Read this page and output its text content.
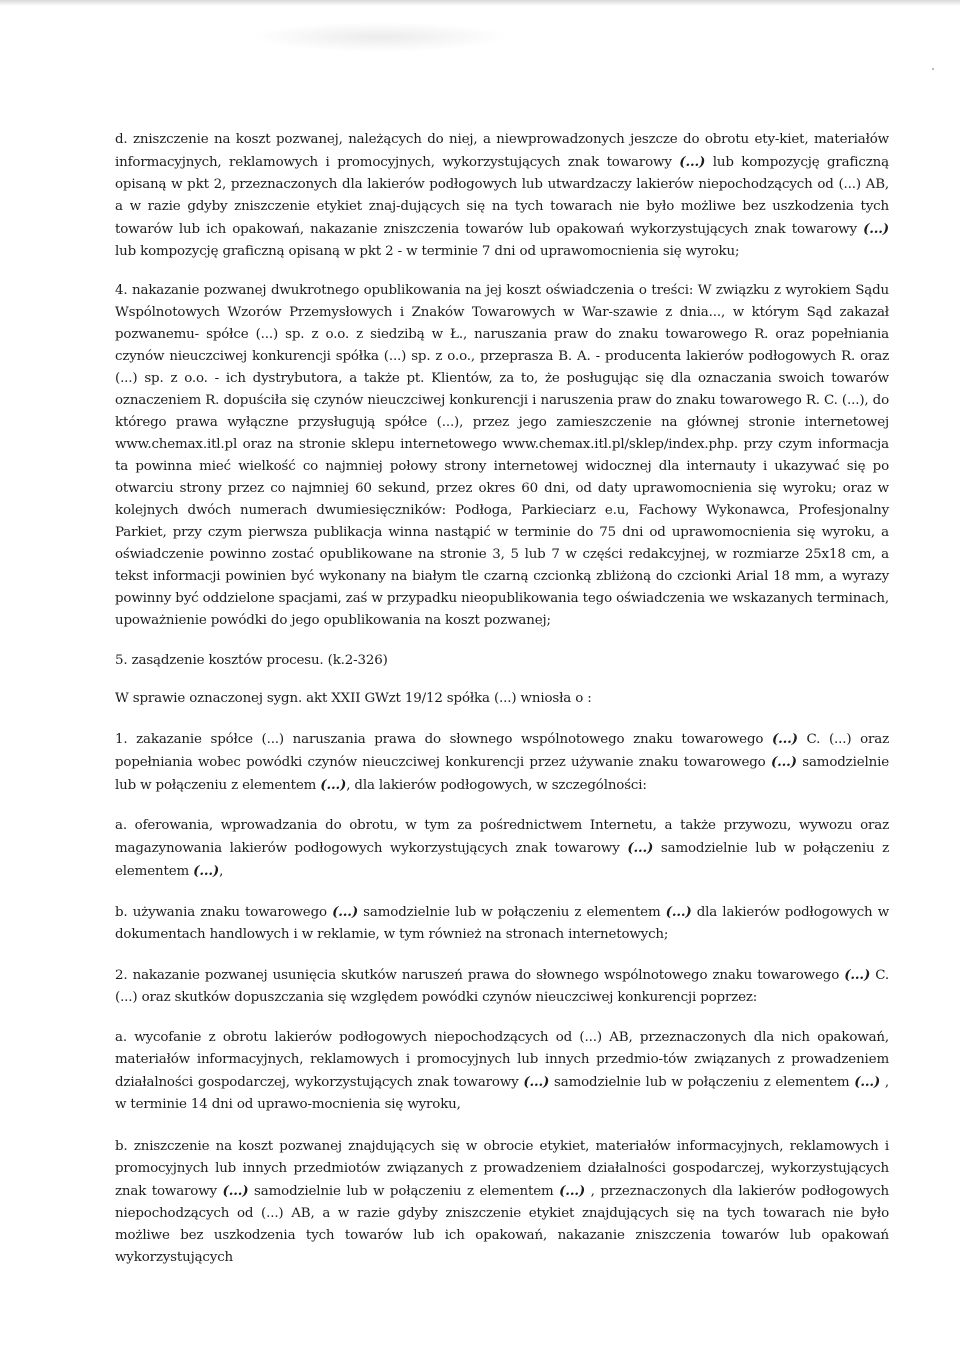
d. zniszczenie na koszt pozwanej, należących do niej, a niewprowadzonych jeszcze do obrotu ety-kiet, materiałów informacyjnych, reklamowych i promocyjnych, wykorzystujących znak towarowy (...) lub kompozycję graficzną opisaną w pkt 2, przeznaczonych dla lakierów podłogowych lub utwardzaczy lakierów niepochodzących od (...) AB, a w razie gdyby zniszczenie etykiet znaj-dujących się na tych towarach nie było możliwe bez uszkodzenia tych towarów lub ich opakowań, nakazanie zniszczenia towarów lub opakowań wykorzystujących znak towarowy (...) lub kompozycję graficzną opisaną w pkt 2 - w terminie 7 dni od uprawomocnienia się wyroku;

4. nakazanie pozwanej dwukrotnego opublikowania na jej koszt oświadczenia o treści: W związku z wyrokiem Sądu Wspólnotowych Wzorów Przemysłowych i Znaków Towarowych w War-szawie z dnia..., w którym Sąd zakazał pozwanemu- spółce (...) sp. z o.o. z siedzibą w Ł., naruszania praw do znaku towarowego R. oraz popełniania czynów nieuczciwej konkurencji spółka (...) sp. z o.o., przeprasza B. A. - producenta lakierów podłogowych R. oraz (...) sp. z o.o. - ich dystrybutora, a także pt. Klientów, za to, że posługując się dla oznaczania swoich towarów oznaczeniem R. dopuściła się czynów nieuczciwej konkurencji i naruszenia praw do znaku towarowego R. C. (...), do którego prawa wyłączne przysługują spółce (...), przez jego zamieszczenie na głównej stronie internetowej www.chemax.itl.pl oraz na stronie sklepu internetowego www.chemax.itl.pl/sklep/index.php. przy czym informacja ta powinna mieć wielkość co najmniej połowy strony internetowej widocznej dla internauty i ukazywać się po otwarciu strony przez co najmniej 60 sekund, przez okres 60 dni, od daty uprawomocnienia się wyroku; oraz w kolejnych dwóch numerach dwumiesięczników: Podłoga, Parkieciarz e.u, Fachowy Wykonawca, Profesjonalny Parkiet, przy czym pierwsza publikacja winna nastąpić w terminie do 75 dni od uprawomocnienia się wyroku, a oświadczenie powinno zostać opublikowane na stronie 3, 5 lub 7 w części redakcyjnej, w rozmiarze 25x18 cm, a tekst informacji powinien być wykonany na białym tle czarną czcionką zbliżoną do czcionki Arial 18 mm, a wyrazy powinny być oddzielone spacjami, zaś w przypadku nieopublikowania tego oświadczenia we wskazanych terminach, upoważnienie powódki do jego opublikowania na koszt pozwanej;

5. zasądzenie kosztów procesu. (k.2-326)

W sprawie oznaczonej sygn. akt XXII GWzt 19/12 spółka (...) wniosła o :

1. zakazanie spółce (...) naruszania prawa do słownego wspólnotowego znaku towarowego (...) C. (...) oraz popełniania wobec powódki czynów nieuczciwej konkurencji przez używanie znaku towarowego (...) samodzielnie lub w połączeniu z elementem (...), dla lakierów podłogowych, w szczególności:

a. oferowania, wprowadzania do obrotu, w tym za pośrednictwem Internetu, a także przywozu, wywozu oraz magazynowania lakierów podłogowych wykorzystujących znak towarowy (...) samodzielnie lub w połączeniu z elementem (...),

b. używania znaku towarowego (...) samodzielnie lub w połączeniu z elementem (...) dla lakierów podłogowych w dokumentach handlowych i w reklamie, w tym również na stronach internetowych;

2. nakazanie pozwanej usunięcia skutków naruszeń prawa do słownego wspólnotowego znaku towarowego (...) C. (...) oraz skutków dopuszczania się względem powódki czynów nieuczciwej konkurencji poprzez:

a. wycofanie z obrotu lakierów podłogowych niepochodzących od (...) AB, przeznaczonych dla nich opakowań, materiałów informacyjnych, reklamowych i promocyjnych lub innych przedmio-tów związanych z prowadzeniem działalności gospodarczej, wykorzystujących znak towarowy (...) samodzielnie lub w połączeniu z elementem (...) , w terminie 14 dni od uprawo-mocnienia się wyroku,

b. zniszczenie na koszt pozwanej znajdujących się w obrocie etykiet, materiałów informacyjnych, reklamowych i promocyjnych lub innych przedmiotów związanych z prowadzeniem działalności gospodarczej, wykorzystujących znak towarowy (...) samodzielnie lub w połączeniu z elementem (...) , przeznaczonych dla lakierów podłogowych niepochodzących od (...) AB, a w razie gdyby zniszczenie etykiet znajdujących się na tych towarach nie było możliwe bez uszkodzenia tych towarów lub ich opakowań, nakazanie zniszczenia towarów lub opakowań wykorzystujących
